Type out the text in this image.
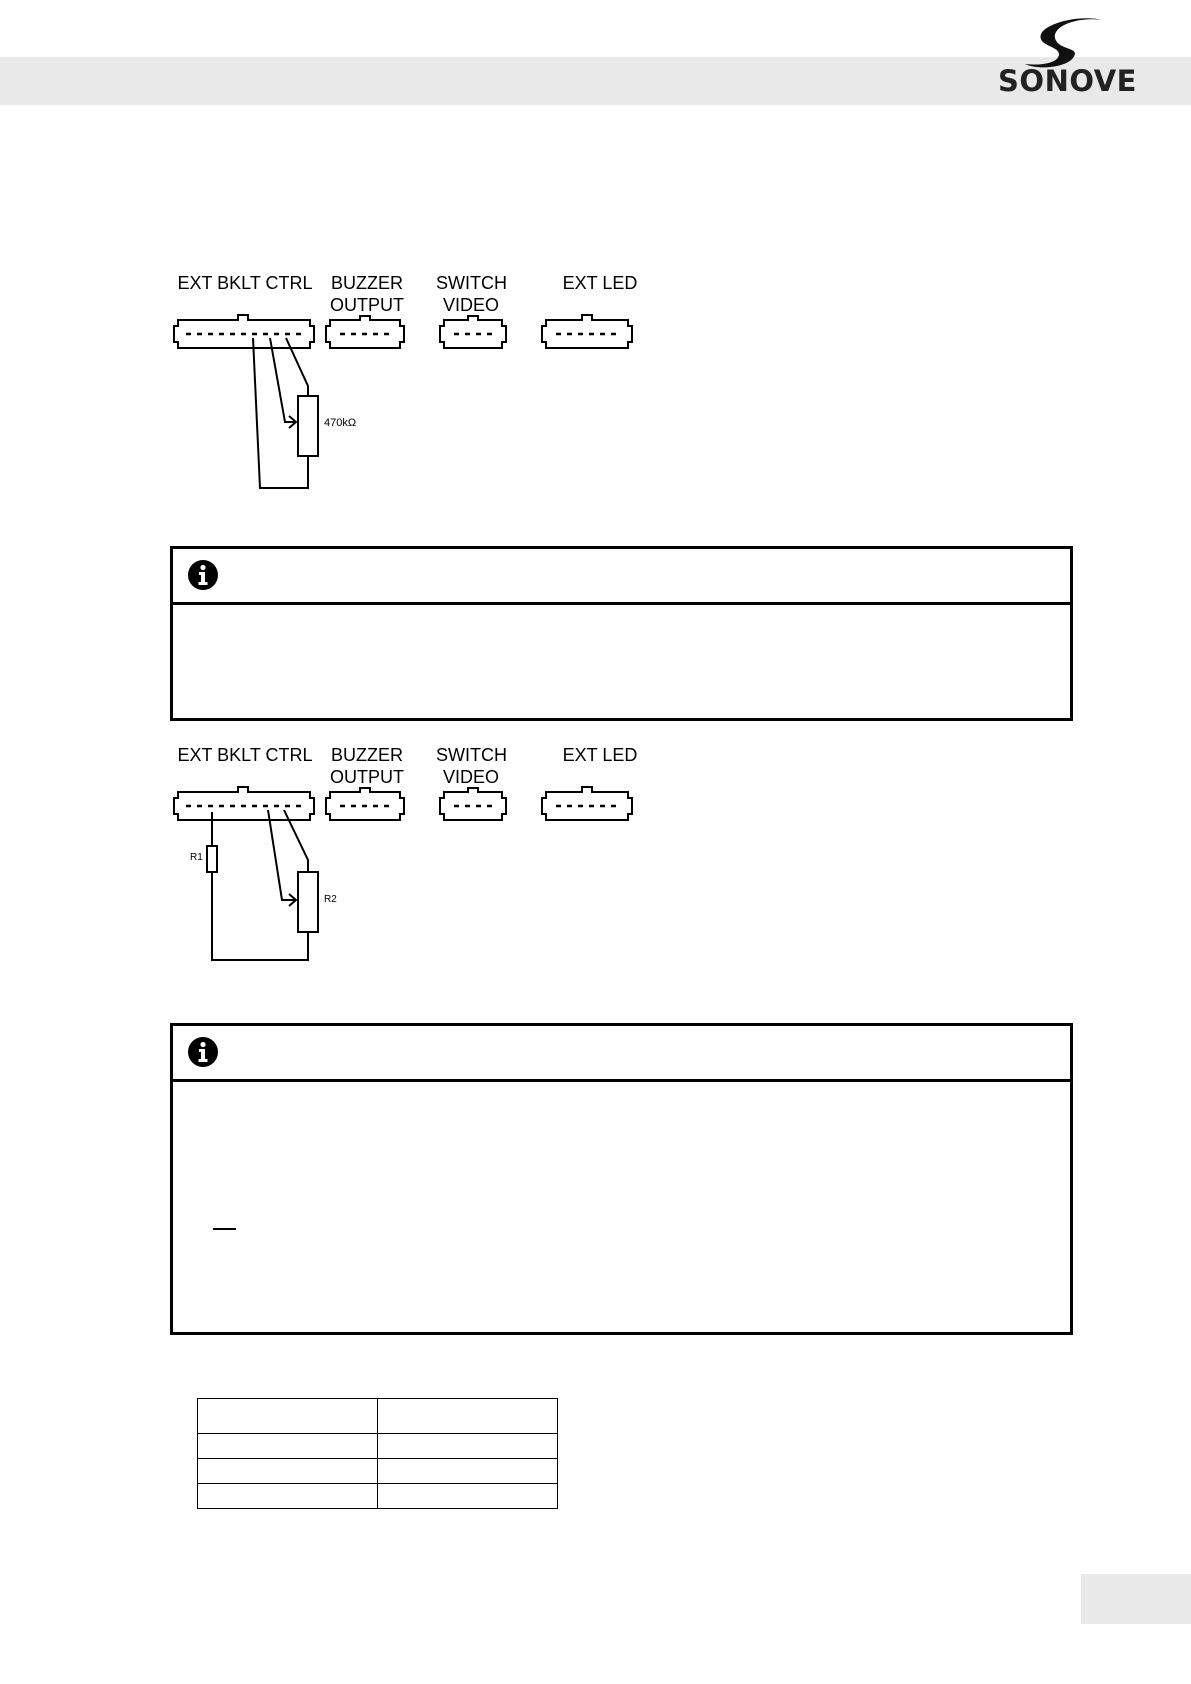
SONOVE
EXT BKLT CTRL	BUZZER OUTPUT
SWITCH VIDEO
EXT LED
470kΩ
EXT BKLT CTRL	BUZZER OUTPUT
SWITCH VIDEO
EXT LED
R1
R2
